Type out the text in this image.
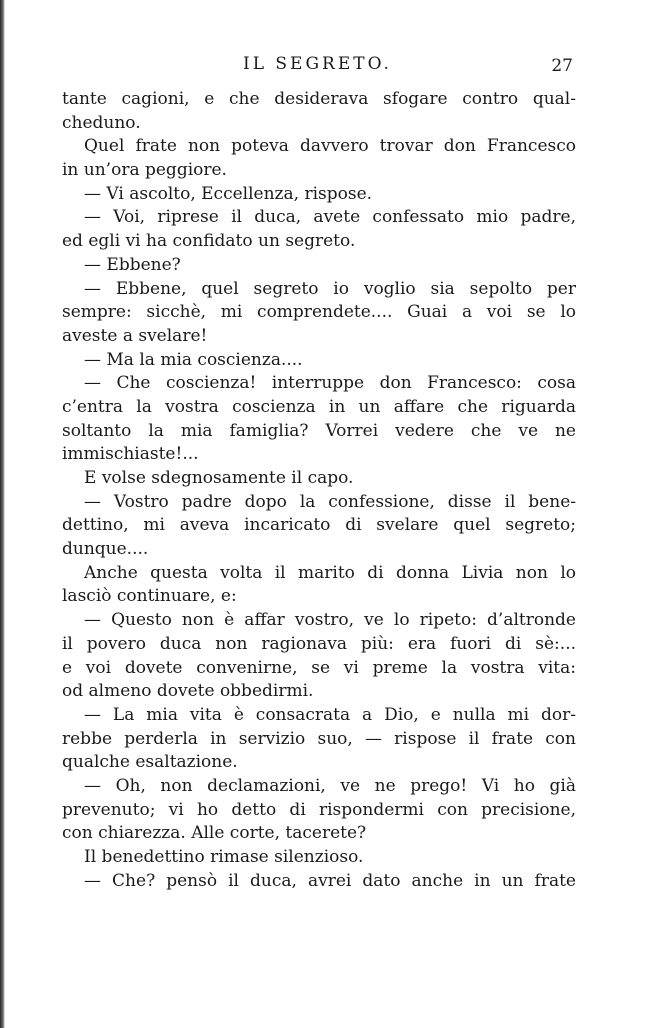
IL SEGRETO.	27
tante cagioni, e che desiderava sfogare contro qual-
cheduno.
Quel frate non poteva davvero trovar don Francesco
in un’ora peggiore.
— Vi ascolto, Eccellenza, rispose.
— Voi, riprese il duca, avete confessato mio padre,
ed egli vi ha confidato un segreto.
— Ebbene?
— Ebbene, quel segreto io voglio sia sepolto per
sempre: sicchè, mi comprendete.... Guai a voi se lo
aveste a svelare!
— Ma la mia coscienza....
— Che coscienza! interruppe don Francesco: cosa
c’entra la vostra coscienza in un affare che riguarda
soltanto la mia famiglia? Vorrei vedere che ve ne
immischiaste!...
E volse sdegnosamente il capo.
— Vostro padre dopo la confessione, disse il bene-
dettino, mi aveva incaricato di svelare quel segreto;
dunque....
Anche questa volta il marito di donna Livia non lo
lasciò continuare, e:
— Questo non è affar vostro, ve lo ripeto: d’altronde
il povero duca non ragionava più: era fuori di sè:...
e voi dovete convenirne, se vi preme la vostra vita:
od almeno dovete obbedirmi.
— La mia vita è consacrata a Dio, e nulla mi dor-
rebbe perderla in servizio suo, — rispose il frate con
qualche esaltazione.
— Oh, non declamazioni, ve ne prego! Vi ho già
prevenuto; vi ho detto di rispondermi con precisione,
con chiarezza. Alle corte, tacerete?
Il benedettino rimase silenzioso.
— Che? pensò il duca, avrei dato anche in un frate
